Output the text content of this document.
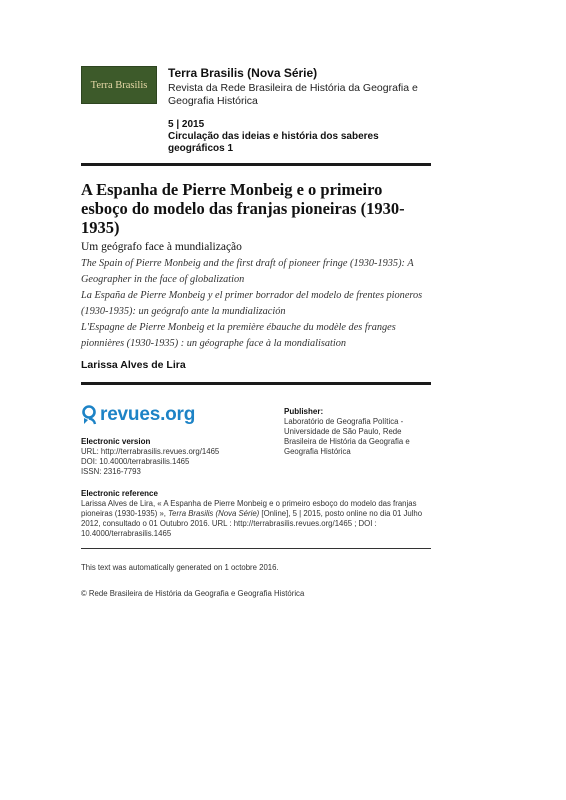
Terra Brasilis
Terra Brasilis (Nova Série)
Revista da Rede Brasileira de História da Geografia e Geografia Histórica
5 | 2015
Circulação das ideias e história dos saberes geográficos 1
A Espanha de Pierre Monbeig e o primeiro esboço do modelo das franjas pioneiras (1930-1935)
Um geógrafo face à mundialização
The Spain of Pierre Monbeig and the first draft of pioneer fringe (1930-1935): A Geographer in the face of globalization
La España de Pierre Monbeig y el primer borrador del modelo de frentes pioneros (1930-1935): un geógrafo ante la mundialización
L'Espagne de Pierre Monbeig et la première ébauche du modèle des franges pionnières (1930-1935) : un géographe face à la mondialisation
Larissa Alves de Lira
revues.org
Electronic version
URL: http://terrabrasilis.revues.org/1465
DOI: 10.4000/terrabrasilis.1465
ISSN: 2316-7793
Publisher:
Laboratório de Geografia Política - Universidade de São Paulo, Rede Brasileira de História da Geografia e Geografia Histórica
Electronic reference
Larissa Alves de Lira, « A Espanha de Pierre Monbeig e o primeiro esboço do modelo das franjas pioneiras (1930-1935) », Terra Brasilis (Nova Série) [Online], 5 | 2015, posto online no dia 01 Julho 2012, consultado o 01 Outubro 2016. URL : http://terrabrasilis.revues.org/1465 ; DOI : 10.4000/terrabrasilis.1465
This text was automatically generated on 1 octobre 2016.
© Rede Brasileira de História da Geografia e Geografia Histórica
